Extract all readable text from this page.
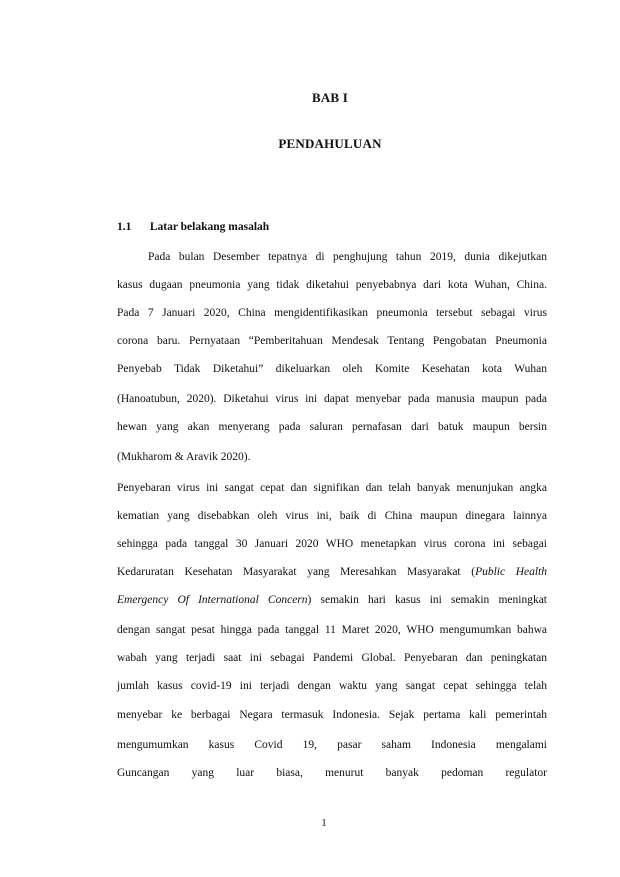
BAB I
PENDAHULUAN
1.1 Latar belakang masalah
Pada bulan Desember tepatnya di penghujung tahun 2019, dunia dikejutkan
kasus dugaan pneumonia yang tidak diketahui penyebabnya dari kota Wuhan, China.
Pada 7 Januari 2020, China mengidentifikasikan pneumonia tersebut sebagai virus
corona baru. Pernyataan “Pemberitahuan Mendesak Tentang Pengobatan Pneumonia
Penyebab Tidak Diketahui” dikeluarkan oleh Komite Kesehatan kota Wuhan
(Hanoatubun, 2020). Diketahui virus ini dapat menyebar pada manusia maupun pada
hewan yang akan menyerang pada saluran pernafasan dari batuk maupun bersin
(Mukharom & Aravik 2020).
Penyebaran virus ini sangat cepat dan signifikan dan telah banyak menunjukan angka
kematian yang disebabkan oleh virus ini, baik di China maupun dinegara lainnya
sehingga pada tanggal 30 Januari 2020 WHO menetapkan virus corona ini sebagai
Kedaruratan Kesehatan Masyarakat yang Meresahkan Masyarakat (Public Health
Emergency Of International Concern) semakin hari kasus ini semakin meningkat
dengan sangat pesat hingga pada tanggal 11 Maret 2020, WHO mengumumkan bahwa
wabah yang terjadi saat ini sebagai Pandemi Global. Penyebaran dan peningkatan
jumlah kasus covid-19 ini terjadi dengan waktu yang sangat cepat sehingga telah
menyebar ke berbagai Negara termasuk Indonesia. Sejak pertama kali pemerintah
mengumumkan kasus Covid 19, pasar saham Indonesia mengalami
Guncangan yang luar biasa, menurut banyak pedoman regulator
1
